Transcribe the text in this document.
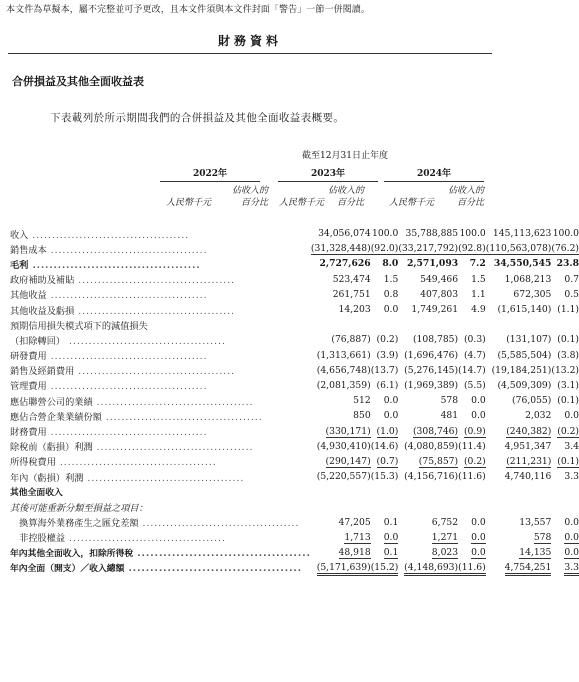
本文件為草擬本，屬不完整並可予更改，且本文件須與本文件封面「警告」一節一併閱讀。
財務資料
合併損益及其他全面收益表
下表載列於所示期間我們的合併損益及其他全面收益表概要。
截至12月31日止年度
2022年	2023年	2024年
人民幣千元
佔收入的
百分比	人民幣千元
佔收入的
百分比	人民幣千元
佔收入的
百分比
收入 ........................................	34,056,074	100.0	35,788,885	100.0	145,113,623	100.0
銷售成本 ........................................	(31,328,448)	(92.0)	(33,217,792)	(92.8)	(110,563,078)	(76.2)
毛利 ........................................	2,727,626	8.0	2,571,093	7.2	34,550,545	23.8
政府補助及補貼 ........................................	523,474	1.5	549,466	1.5	1,068,213	0.7
其他收益 ........................................	261,751	0.8	407,803	1.1	672,305	0.5
其他收益及虧損 ........................................	14,203	0.0	1,749,261	4.9	(1,615,140)	(1.1)
預期信用損失模式項下的減值損失						
（扣除轉回） ........................................	(76,887)	(0.2)	(108,785)	(0.3)	(131,107)	(0.1)
研發費用 ........................................	(1,313,661)	(3.9)	(1,696,476)	(4.7)	(5,585,504)	(3.8)
銷售及經銷費用 ........................................	(4,656,748)	(13.7)	(5,276,145)	(14.7)	(19,184,251)	(13.2)
管理費用 ........................................	(2,081,359)	(6.1)	(1,969,389)	(5.5)	(4,509,309)	(3.1)
應佔聯營公司的業績 ........................................	512	0.0	578	0.0	(76,055)	(0.1)
應佔合營企業業績份額 ........................................	850	0.0	481	0.0	2,032	0.0
財務費用 ........................................	(330,171)	(1.0)	(308,746)	(0.9)	(240,382)	(0.2)
除稅前（虧損）利潤 ........................................	(4,930,410)	(14.6)	(4,080,859)	(11.4)	4,951,347	3.4
所得稅費用 ........................................	(290,147)	(0.7)	(75,857)	(0.2)	(211,231)	(0.1)
年內（虧損）利潤 ........................................	(5,220,557)	(15.3)	(4,156,716)	(11.6)	4,740,116	3.3
其他全面收入						
其後可能重新分類至損益之項目：						
　換算海外業務產生之匯兌差額 ........................................	47,205	0.1	6,752	0.0	13,557	0.0
　非控股權益 ........................................	1,713	0.0	1,271	0.0	578	0.0
年內其他全面收入，扣除所得稅 ........................................	48,918	0.1	8,023	0.0	14,135	0.0
年內全面（開支）／收入總額 ........................................	(5,171,639)	(15.2)	(4,148,693)	(11.6)	4,754,251	3.3
